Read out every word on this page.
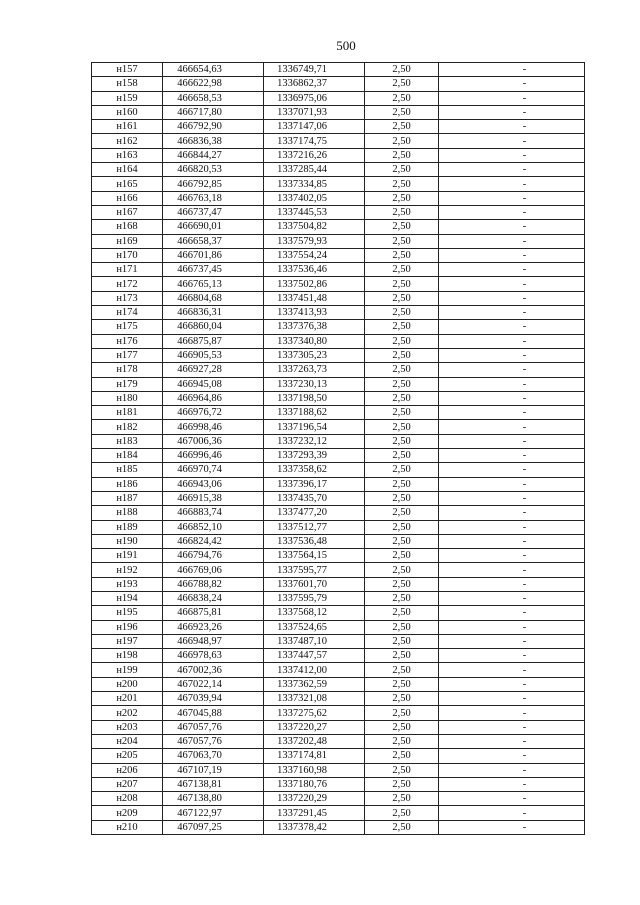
500
н157	466654,63	1336749,71	2,50	-
н158	466622,98	1336862,37	2,50	-
н159	466658,53	1336975,06	2,50	-
н160	466717,80	1337071,93	2,50	-
н161	466792,90	1337147,06	2,50	-
н162	466836,38	1337174,75	2,50	-
н163	466844,27	1337216,26	2,50	-
н164	466820,53	1337285,44	2,50	-
н165	466792,85	1337334,85	2,50	-
н166	466763,18	1337402,05	2,50	-
н167	466737,47	1337445,53	2,50	-
н168	466690,01	1337504,82	2,50	-
н169	466658,37	1337579,93	2,50	-
н170	466701,86	1337554,24	2,50	-
н171	466737,45	1337536,46	2,50	-
н172	466765,13	1337502,86	2,50	-
н173	466804,68	1337451,48	2,50	-
н174	466836,31	1337413,93	2,50	-
н175	466860,04	1337376,38	2,50	-
н176	466875,87	1337340,80	2,50	-
н177	466905,53	1337305,23	2,50	-
н178	466927,28	1337263,73	2,50	-
н179	466945,08	1337230,13	2,50	-
н180	466964,86	1337198,50	2,50	-
н181	466976,72	1337188,62	2,50	-
н182	466998,46	1337196,54	2,50	-
н183	467006,36	1337232,12	2,50	-
н184	466996,46	1337293,39	2,50	-
н185	466970,74	1337358,62	2,50	-
н186	466943,06	1337396,17	2,50	-
н187	466915,38	1337435,70	2,50	-
н188	466883,74	1337477,20	2,50	-
н189	466852,10	1337512,77	2,50	-
н190	466824,42	1337536,48	2,50	-
н191	466794,76	1337564,15	2,50	-
н192	466769,06	1337595,77	2,50	-
н193	466788,82	1337601,70	2,50	-
н194	466838,24	1337595,79	2,50	-
н195	466875,81	1337568,12	2,50	-
н196	466923,26	1337524,65	2,50	-
н197	466948,97	1337487,10	2,50	-
н198	466978,63	1337447,57	2,50	-
н199	467002,36	1337412,00	2,50	-
н200	467022,14	1337362,59	2,50	-
н201	467039,94	1337321,08	2,50	-
н202	467045,88	1337275,62	2,50	-
н203	467057,76	1337220,27	2,50	-
н204	467057,76	1337202,48	2,50	-
н205	467063,70	1337174,81	2,50	-
н206	467107,19	1337160,98	2,50	-
н207	467138,81	1337180,76	2,50	-
н208	467138,80	1337220,29	2,50	-
н209	467122,97	1337291,45	2,50	-
н210	467097,25	1337378,42	2,50	-
